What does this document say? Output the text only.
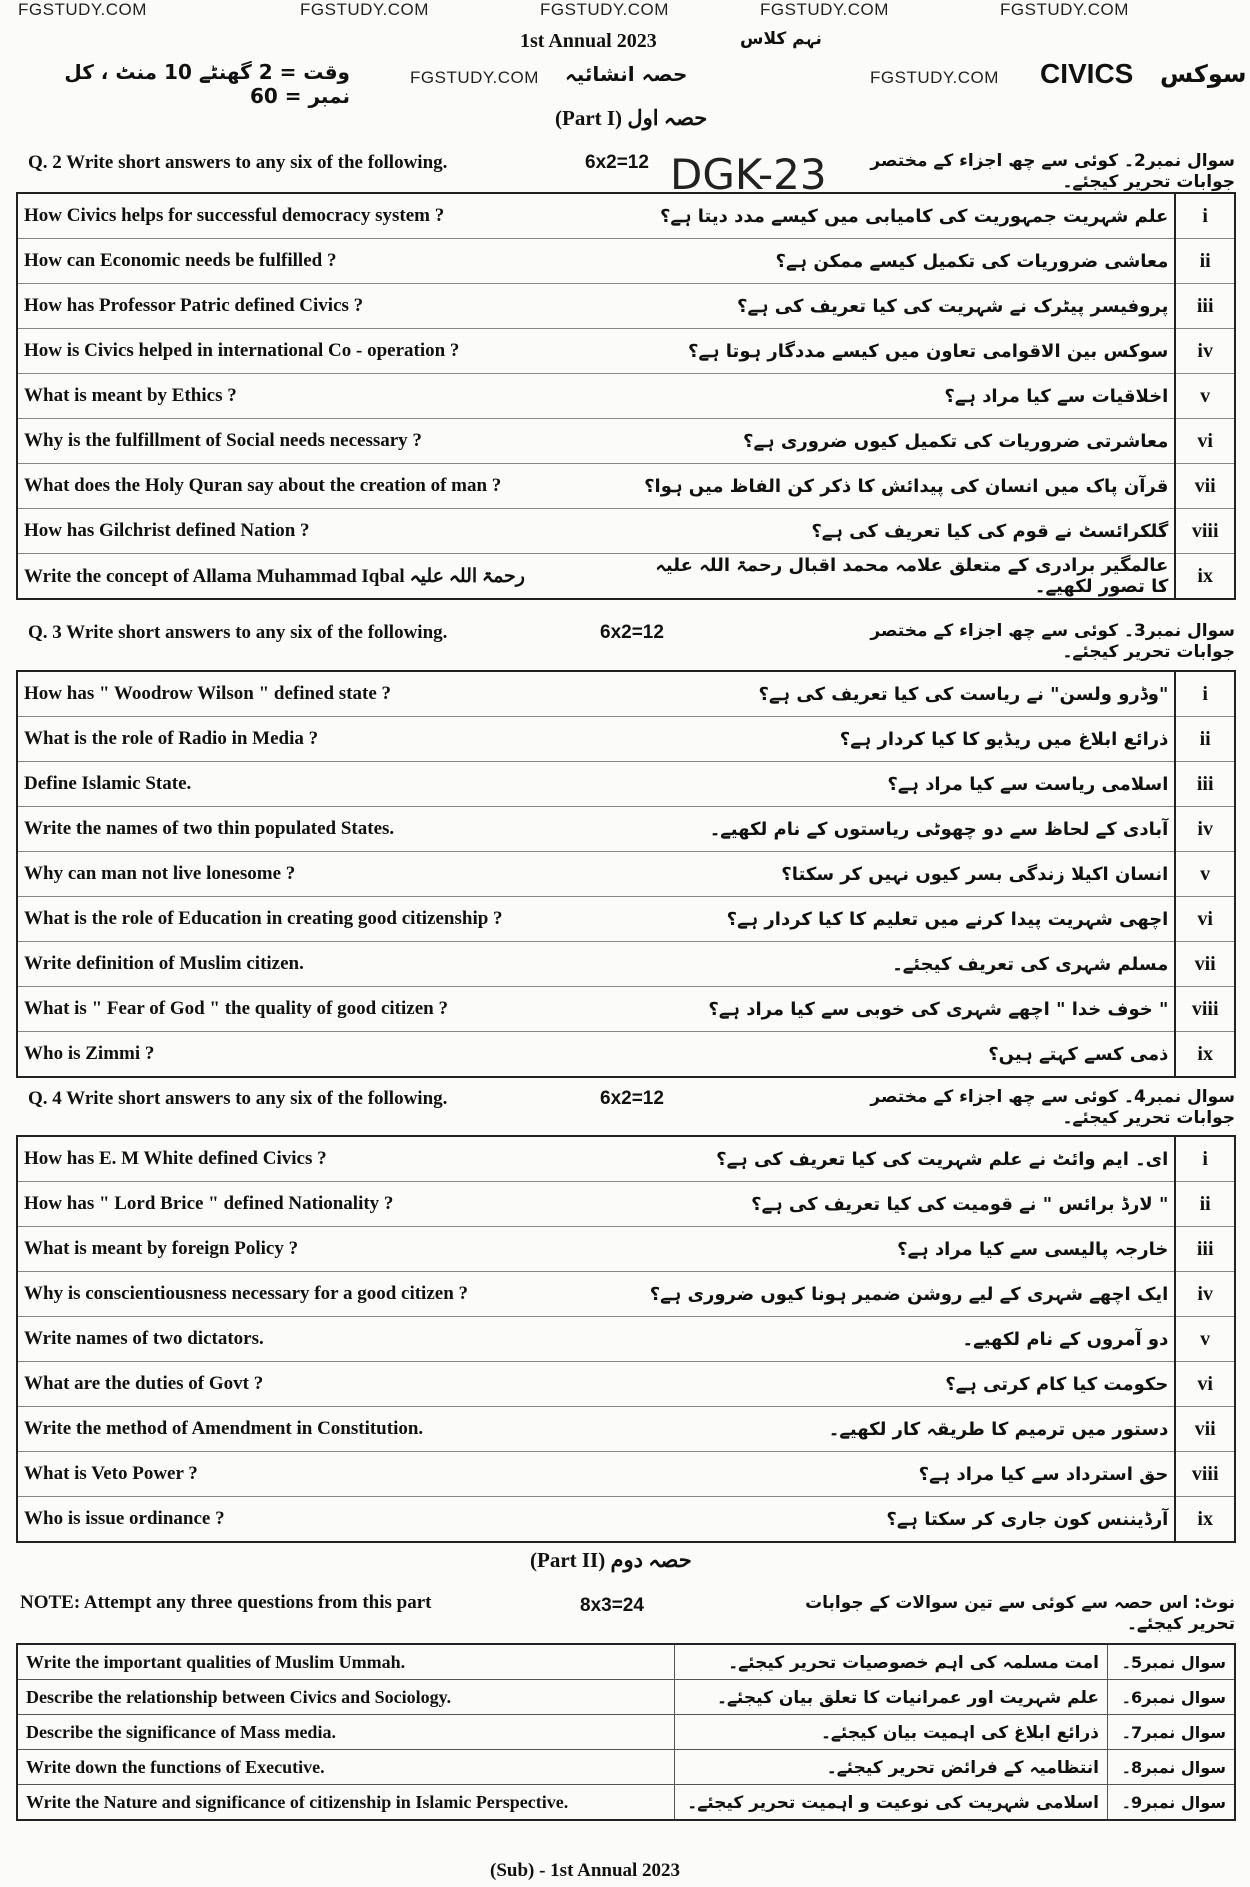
FGSTUDY.COM	FGSTUDY.COM	FGSTUDY.COM	FGSTUDY.COM	FGSTUDY.COM
1st Annual 2023	نہم کلاس
وقت = 2 گھنٹے 10 منٹ ، کل نمبر = 60
FGSTUDY.COM حصہ انشائیہ	FGSTUDY.COM CIVICS سوکس
(Part I) حصہ اول
DGK-23
Q. 2 Write short answers to any six of the following.	6x2=12	سوال نمبر2۔ کوئی سے چھ اجزاء کے مختصر جوابات تحریر کیجئے۔
How Civics helps for successful democracy system ?	علم شہریت جمہوریت کی کامیابی میں کیسے مدد دیتا ہے؟	i
How can Economic needs be fulfilled ?	معاشی ضروریات کی تکمیل کیسے ممکن ہے؟	ii
How has Professor Patric defined Civics ?	پروفیسر پیٹرک نے شہریت کی کیا تعریف کی ہے؟	iii
How is Civics helped in international Co - operation ?	سوکس بین الاقوامی تعاون میں کیسے مددگار ہوتا ہے؟	iv
What is meant by Ethics ?	اخلاقیات سے کیا مراد ہے؟	v
Why is the fulfillment of Social needs necessary ?	معاشرتی ضروریات کی تکمیل کیوں ضروری ہے؟	vi
What does the Holy Quran say about the creation of man ?	قرآن پاک میں انسان کی پیدائش کا ذکر کن الفاظ میں ہوا؟	vii
How has Gilchrist defined Nation ?	گلکرائسٹ نے قوم کی کیا تعریف کی ہے؟	viii
Write the concept of Allama Muhammad Iqbal رحمۃ اللہ علیہ	عالمگیر برادری کے متعلق علامہ محمد اقبال رحمۃ اللہ علیہ کا تصور لکھیے۔	ix
Q. 3 Write short answers to any six of the following.	6x2=12	سوال نمبر3۔ کوئی سے چھ اجزاء کے مختصر جوابات تحریر کیجئے۔
How has " Woodrow Wilson " defined state ?	"وڈرو ولسن" نے ریاست کی کیا تعریف کی ہے؟	i
What is the role of Radio in Media ?	ذرائع ابلاغ میں ریڈیو کا کیا کردار ہے؟	ii
Define Islamic State.	اسلامی ریاست سے کیا مراد ہے؟	iii
Write the names of two thin populated States.	آبادی کے لحاظ سے دو چھوٹی ریاستوں کے نام لکھیے۔	iv
Why can man not live lonesome ?	انسان اکیلا زندگی بسر کیوں نہیں کر سکتا؟	v
What is the role of Education in creating good citizenship ?	اچھی شہریت پیدا کرنے میں تعلیم کا کیا کردار ہے؟	vi
Write definition of Muslim citizen.	مسلم شہری کی تعریف کیجئے۔	vii
What is " Fear of God " the quality of good citizen ?	" خوف خدا " اچھے شہری کی خوبی سے کیا مراد ہے؟	viii
Who is Zimmi ?	ذمی کسے کہتے ہیں؟	ix
Q. 4 Write short answers to any six of the following.	6x2=12	سوال نمبر4۔ کوئی سے چھ اجزاء کے مختصر جوابات تحریر کیجئے۔
How has E. M White defined Civics ?	ای۔ ایم وائٹ نے علم شہریت کی کیا تعریف کی ہے؟	i
How has " Lord Brice " defined Nationality ?	" لارڈ برائس " نے قومیت کی کیا تعریف کی ہے؟	ii
What is meant by foreign Policy ?	خارجہ پالیسی سے کیا مراد ہے؟	iii
Why is conscientiousness necessary for a good citizen ?	ایک اچھے شہری کے لیے روشن ضمیر ہونا کیوں ضروری ہے؟	iv
Write names of two dictators.	دو آمروں کے نام لکھیے۔	v
What are the duties of Govt ?	حکومت کیا کام کرتی ہے؟	vi
Write the method of Amendment in Constitution.	دستور میں ترمیم کا طریقہ کار لکھیے۔	vii
What is Veto Power ?	حق استرداد سے کیا مراد ہے؟	viii
Who is issue ordinance ?	آرڈیننس کون جاری کر سکتا ہے؟	ix
(Part II) حصہ دوم
NOTE: Attempt any three questions from this part	8x3=24	نوٹ: اس حصہ سے کوئی سے تین سوالات کے جوابات تحریر کیجئے۔
Write the important qualities of Muslim Ummah.	امت مسلمہ کی اہم خصوصیات تحریر کیجئے۔	سوال نمبر5۔
Describe the relationship between Civics and Sociology.	علم شہریت اور عمرانیات کا تعلق بیان کیجئے۔	سوال نمبر6۔
Describe the significance of Mass media.	ذرائع ابلاغ کی اہمیت بیان کیجئے۔	سوال نمبر7۔
Write down the functions of Executive.	انتظامیہ کے فرائض تحریر کیجئے۔	سوال نمبر8۔
Write the Nature and significance of citizenship in Islamic Perspective.	اسلامی شہریت کی نوعیت و اہمیت تحریر کیجئے۔	سوال نمبر9۔
(Sub) - 1st Annual 2023
